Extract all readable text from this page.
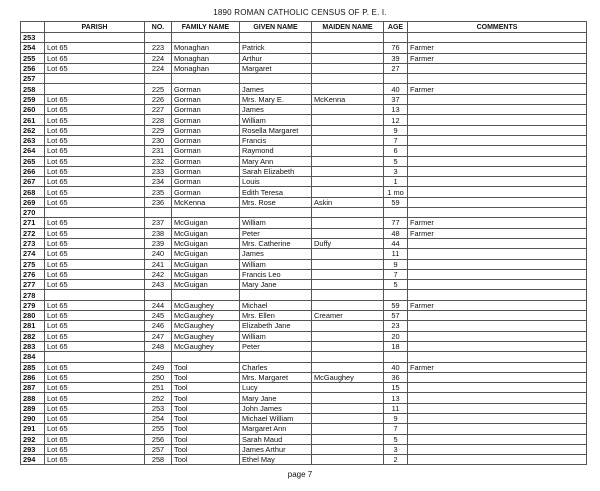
1890 ROMAN CATHOLIC CENSUS OF P. E. I.
	PARISH	NO.	FAMILY NAME	GIVEN NAME	MAIDEN NAME	AGE	COMMENTS
253							
254	Lot 65	223	Monaghan	Patrick		76	Farmer
255	Lot 65	224	Monaghan	Arthur		39	Farmer
256	Lot 65	224	Monaghan	Margaret		27	
257							
258		225	Gorman	James		40	Farmer
259	Lot 65	226	Gorman	Mrs. Mary E.	McKenna	37	
260	Lot 65	227	Gorman	James		13	
261	Lot 65	228	Gorman	William		12	
262	Lot 65	229	Gorman	Rosella Margaret		9	
263	Lot 65	230	Gorman	Francis		7	
264	Lot 65	231	Gorman	Raymond		6	
265	Lot 65	232	Gorman	Mary Ann		5	
266	Lot 65	233	Gorman	Sarah Elizabeth		3	
267	Lot 65	234	Gorman	Louis		1	
268	Lot 65	235	Gorman	Edith Teresa		1 mo	
269	Lot 65	236	McKenna	Mrs. Rose	Askin	59	
270							
271	Lot 65	237	McGuigan	William		77	Farmer
272	Lot 65	238	McGuigan	Peter		48	Farmer
273	Lot 65	239	McGuigan	Mrs. Catherine	Duffy	44	
274	Lot 65	240	McGuigan	James		11	
275	Lot 65	241	McGuigan	William		9	
276	Lot 65	242	McGuigan	Francis Leo		7	
277	Lot 65	243	McGuigan	Mary Jane		5	
278							
279	Lot 65	244	McGaughey	Michael		59	Farmer
280	Lot 65	245	McGaughey	Mrs. Ellen	Creamer	57	
281	Lot 65	246	McGaughey	Elizabeth Jane		23	
282	Lot 65	247	McGaughey	William		20	
283	Lot 65	248	McGaughey	Peter		18	
284							
285	Lot 65	249	Tool	Charles		40	Farmer
286	Lot 65	250	Tool	Mrs. Margaret	McGaughey	36	
287	Lot 65	251	Tool	Lucy		15	
288	Lot 65	252	Tool	Mary Jane		13	
289	Lot 65	253	Tool	John James		11	
290	Lot 65	254	Tool	Michael William		9	
291	Lot 65	255	Tool	Margaret Ann		7	
292	Lot 65	256	Tool	Sarah Maud		5	
293	Lot 65	257	Tool	James Arthur		3	
294	Lot 65	258	Tool	Ethel May		2	
page 7
